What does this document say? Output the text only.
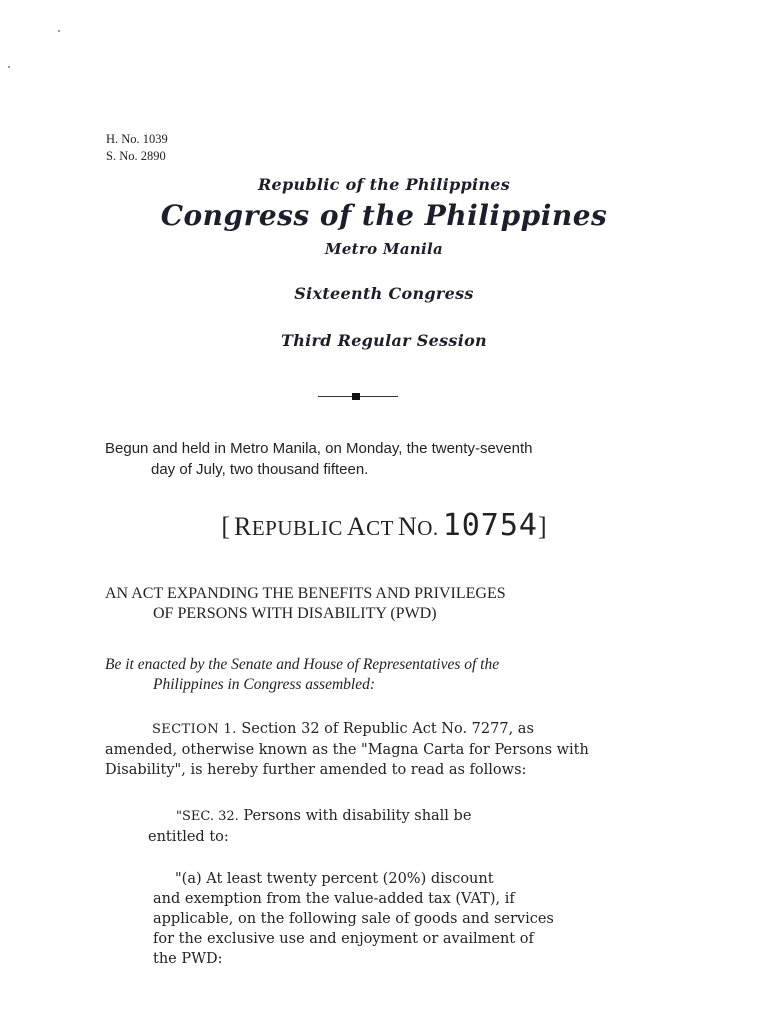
H. No. 1039
S. No. 2890
Republic of the Philippines
Congress of the Philippines
Metro Manila
Sixteenth Congress
Third Regular Session
Begun and held in Metro Manila, on Monday, the twenty-seventh
day of July, two thousand fifteen.
[ REPUBLIC ACT NO. 10754]
AN ACT EXPANDING THE BENEFITS AND PRIVILEGES
OF PERSONS WITH DISABILITY (PWD)
Be it enacted by the Senate and House of Representatives of the
Philippines in Congress assembled:
SECTION 1. Section 32 of Republic Act No. 7277, as
amended, otherwise known as the "Magna Carta for Persons with
Disability", is hereby further amended to read as follows:
"SEC. 32. Persons with disability shall be
entitled to:
"(a) At least twenty percent (20%) discount
and exemption from the value-added tax (VAT), if
applicable, on the following sale of goods and services
for the exclusive use and enjoyment or availment of
the PWD:
